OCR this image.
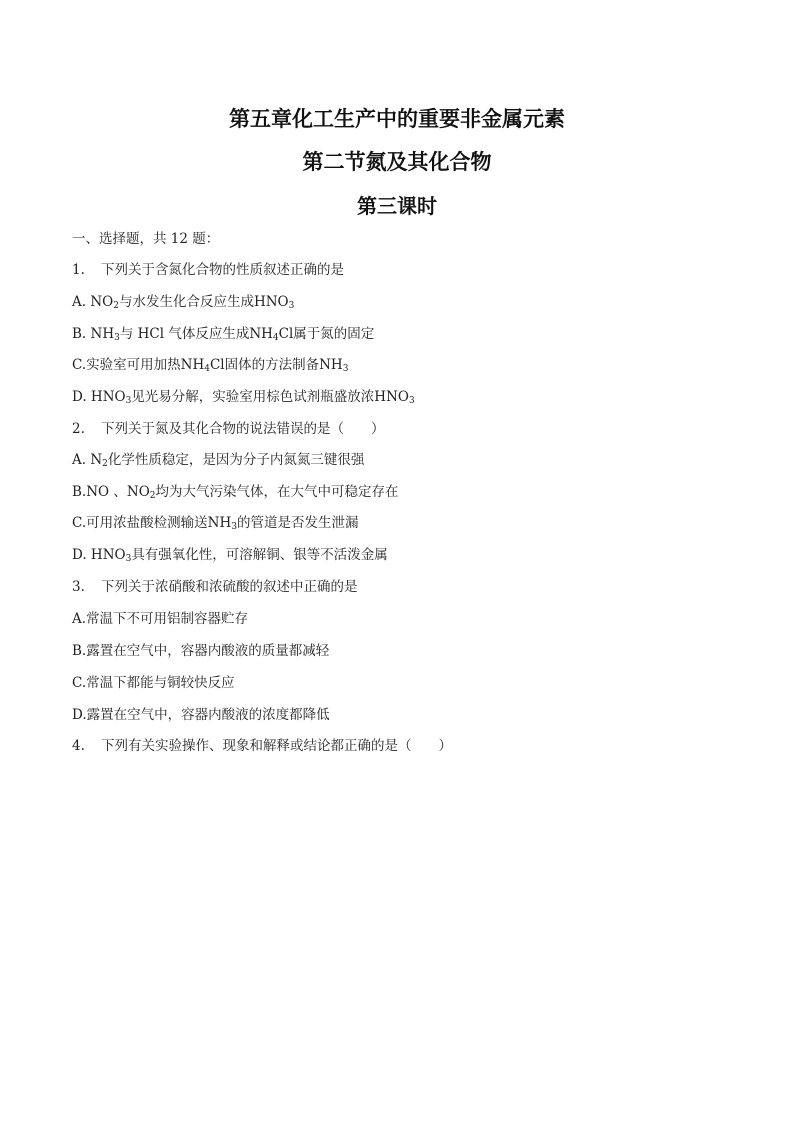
第五章化工生产中的重要非金属元素
第二节氮及其化合物
第三课时
一、选择题，共 12 题：
1. 下列关于含氮化合物的性质叙述正确的是
A. $NO_2$与水发生化合反应生成$HNO_3$
B. $NH_3$与 HCl 气体反应生成$NH_4Cl$属于氮的固定
C.实验室可用加热$NH_4Cl$固体的方法制备$NH_3$
D. $HNO_3$见光易分解，实验室用棕色试剂瓶盛放浓$HNO_3$
2. 下列关于氮及其化合物的说法错误的是（　　）
A. $N_2$化学性质稳定，是因为分子内氮氮三键很强
B.NO 、$NO_2$均为大气污染气体，在大气中可稳定存在
C.可用浓盐酸检测输送$NH_3$的管道是否发生泄漏
D. $HNO_3$具有强氧化性，可溶解铜、银等不活泼金属
3. 下列关于浓硝酸和浓硫酸的叙述中正确的是
A.常温下不可用铝制容器贮存
B.露置在空气中，容器内酸液的质量都减轻
C.常温下都能与铜较快反应
D.露置在空气中，容器内酸液的浓度都降低
4. 下列有关实验操作、现象和解释或结论都正确的是（　　）
